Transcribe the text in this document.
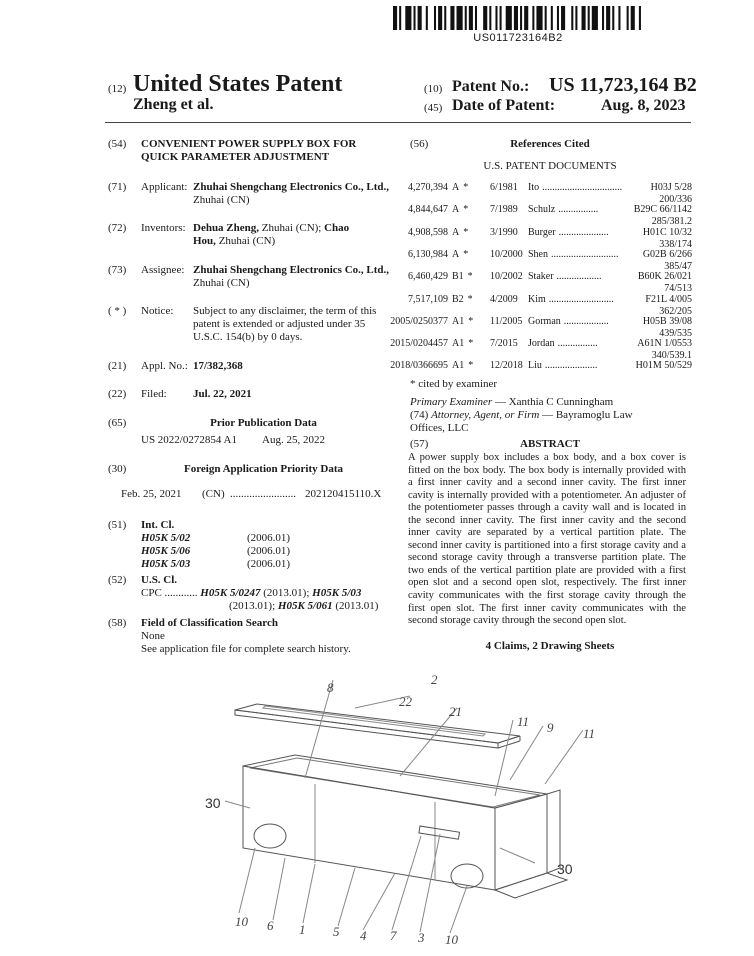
US011723164B2
(12) United States Patent
Zheng et al.
(10) Patent No.: US 11,723,164 B2
(45) Date of Patent:	Aug. 8, 2023
(54) CONVENIENT POWER SUPPLY BOX FOR QUICK PARAMETER ADJUSTMENT
(71) Applicant: Zhuhai Shengchang Electronics Co., Ltd., Zhuhai (CN)
(72) Inventors: Dehua Zheng, Zhuhai (CN); Chao Hou, Zhuhai (CN)
(73) Assignee: Zhuhai Shengchang Electronics Co., Ltd., Zhuhai (CN)
( * ) Notice: Subject to any disclaimer, the term of this patent is extended or adjusted under 35 U.S.C. 154(b) by 0 days.
(21) Appl. No.: 17/382,368
(22) Filed: Jul. 22, 2021
(65)	Prior Publication Data
US 2022/0272854 A1 Aug. 25, 2022
(30)	Foreign Application Priority Data
Feb. 25, 2021 (CN) ........................ 202120415110.X
(51) Int. Cl.
H05K 5/02	(2006.01)
H05K 5/06	(2006.01)
H05K 5/03	(2006.01)
(52) U.S. Cl.
CPC ............ H05K 5/0247 (2013.01); H05K 5/03
(2013.01); H05K 5/061 (2013.01)
(58) Field of Classification Search
None
See application file for complete search history.
(56)	References Cited
U.S. PATENT DOCUMENTS
4,270,394 A * 6/1981 Ito ................................	H03J 5/28
200/336
4,844,647 A * 7/1989 Schulz ................	B29C 66/1142
285/381.2
4,908,598 A * 3/1990 Burger ....................	H01C 10/32
338/174
6,130,984 A * 10/2000 Shen ........................... G02B 6/266
385/47
6,460,429 B1 * 10/2002 Staker ..................	B60K 26/021
74/513
7,517,109 B2 * 4/2009 Kim ..........................	F21L 4/005
362/205
2005/0250377 A1 * 11/2005 Gorman ..................	H05B 39/08
439/535
2015/0204457 A1 * 7/2015 Jordan ................	A61N 1/0553
340/539.1
2018/0366695 A1 * 12/2018 Liu .....................	H01M 50/529
* cited by examiner
Primary Examiner — Xanthia C Cunningham
(74) Attorney, Agent, or Firm — Bayramoglu Law Offices, LLC
(57)	ABSTRACT
A power supply box includes a box body, and a box cover is fitted on the box body. The box body is internally provided with a first inner cavity and a second inner cavity. The first inner cavity is internally provided with a potentiometer. An adjuster of the potentiometer passes through a cavity wall and is located in the second inner cavity. The first inner cavity and the second inner cavity are separated by a vertical partition plate. The second inner cavity is partitioned into a first storage cavity and a second storage cavity through a transverse partition plate. The two ends of the vertical partition plate are provided with a first open slot and a second open slot, respectively. The first inner cavity communicates with the first storage cavity through the first open slot. The first inner cavity communicates with the second storage cavity through the second open slot.
4 Claims, 2 Drawing Sheets
2
8
22
21
11 9 11
30
30
10 6 1 5 4 7 3 10
